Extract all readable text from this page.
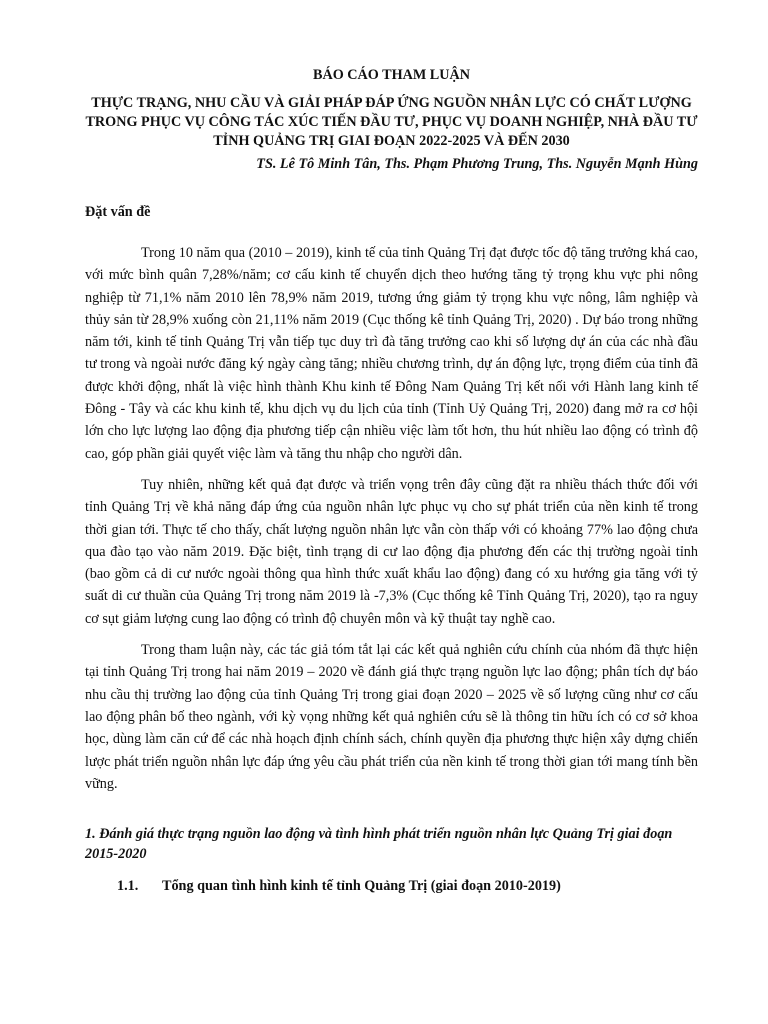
BÁO CÁO THAM LUẬN
THỰC TRẠNG, NHU CẦU VÀ GIẢI PHÁP ĐÁP ỨNG NGUỒN NHÂN LỰC CÓ CHẤT LƯỢNG TRONG PHỤC VỤ CÔNG TÁC XÚC TIẾN ĐẦU TƯ, PHỤC VỤ DOANH NGHIỆP, NHÀ ĐẦU TƯ TỈNH QUẢNG TRỊ GIAI ĐOẠN 2022-2025 VÀ ĐẾN 2030
TS. Lê Tô Minh Tân, Ths. Phạm Phương Trung, Ths. Nguyễn Mạnh Hùng
Đặt vấn đề

Trong 10 năm qua (2010 – 2019), kinh tế của tỉnh Quảng Trị đạt được tốc độ tăng trưởng khá cao, với mức bình quân 7,28%/năm; cơ cấu kinh tế chuyển dịch theo hướng tăng tỷ trọng khu vực phi nông nghiệp từ 71,1% năm 2010 lên 78,9% năm 2019, tương ứng giảm tỷ trọng khu vực nông, lâm nghiệp và thủy sản từ 28,9% xuống còn 21,11% năm 2019 (Cục thống kê tỉnh Quảng Trị, 2020) . Dự báo trong những năm tới, kinh tế tỉnh Quảng Trị vẫn tiếp tục duy trì đà tăng trưởng cao khi số lượng dự án của các nhà đầu tư trong và ngoài nước đăng ký ngày càng tăng; nhiều chương trình, dự án động lực, trọng điểm của tỉnh đã được khởi động, nhất là việc hình thành Khu kinh tế Đông Nam Quảng Trị kết nối với Hành lang kinh tế Đông - Tây và các khu kinh tế, khu dịch vụ du lịch của tỉnh (Tỉnh Uỷ Quảng Trị, 2020) đang mở ra cơ hội lớn cho lực lượng lao động địa phương tiếp cận nhiều việc làm tốt hơn, thu hút nhiều lao động có trình độ cao, góp phần giải quyết việc làm và tăng thu nhập cho người dân.

Tuy nhiên, những kết quả đạt được và triển vọng trên đây cũng đặt ra nhiều thách thức đối với tỉnh Quảng Trị về khả năng đáp ứng của nguồn nhân lực phục vụ cho sự phát triển của nền kinh tế trong thời gian tới. Thực tế cho thấy, chất lượng nguồn nhân lực vẫn còn thấp với có khoảng 77% lao động chưa qua đào tạo vào năm 2019. Đặc biệt, tình trạng di cư lao động địa phương đến các thị trường ngoài tỉnh (bao gồm cả di cư nước ngoài thông qua hình thức xuất khẩu lao động) đang có xu hướng gia tăng với tỷ suất di cư thuần của Quảng Trị trong năm 2019 là -7,3% (Cục thống kê Tỉnh Quảng Trị, 2020), tạo ra nguy cơ sụt giảm lượng cung lao động có trình độ chuyên môn và kỹ thuật tay nghề cao.

Trong tham luận này, các tác giả tóm tắt lại các kết quả nghiên cứu chính của nhóm đã thực hiện tại tỉnh Quảng Trị trong hai năm 2019 – 2020 về đánh giá thực trạng nguồn lực lao động; phân tích dự báo nhu cầu thị trường lao động của tỉnh Quảng Trị trong giai đoạn 2020 – 2025 về số lượng cũng như cơ cấu lao động phân bố theo ngành, với kỳ vọng những kết quả nghiên cứu sẽ là thông tin hữu ích có cơ sở khoa học, dùng làm căn cứ để các nhà hoạch định chính sách, chính quyền địa phương thực hiện xây dựng chiến lược phát triển nguồn nhân lực đáp ứng yêu cầu phát triển của nền kinh tế trong thời gian tới mang tính bền vững.

1. Đánh giá thực trạng nguồn lao động và tình hình phát triển nguồn nhân lực Quảng Trị giai đoạn 2015-2020
1.1.	Tổng quan tình hình kinh tế tỉnh Quảng Trị (giai đoạn 2010-2019)
